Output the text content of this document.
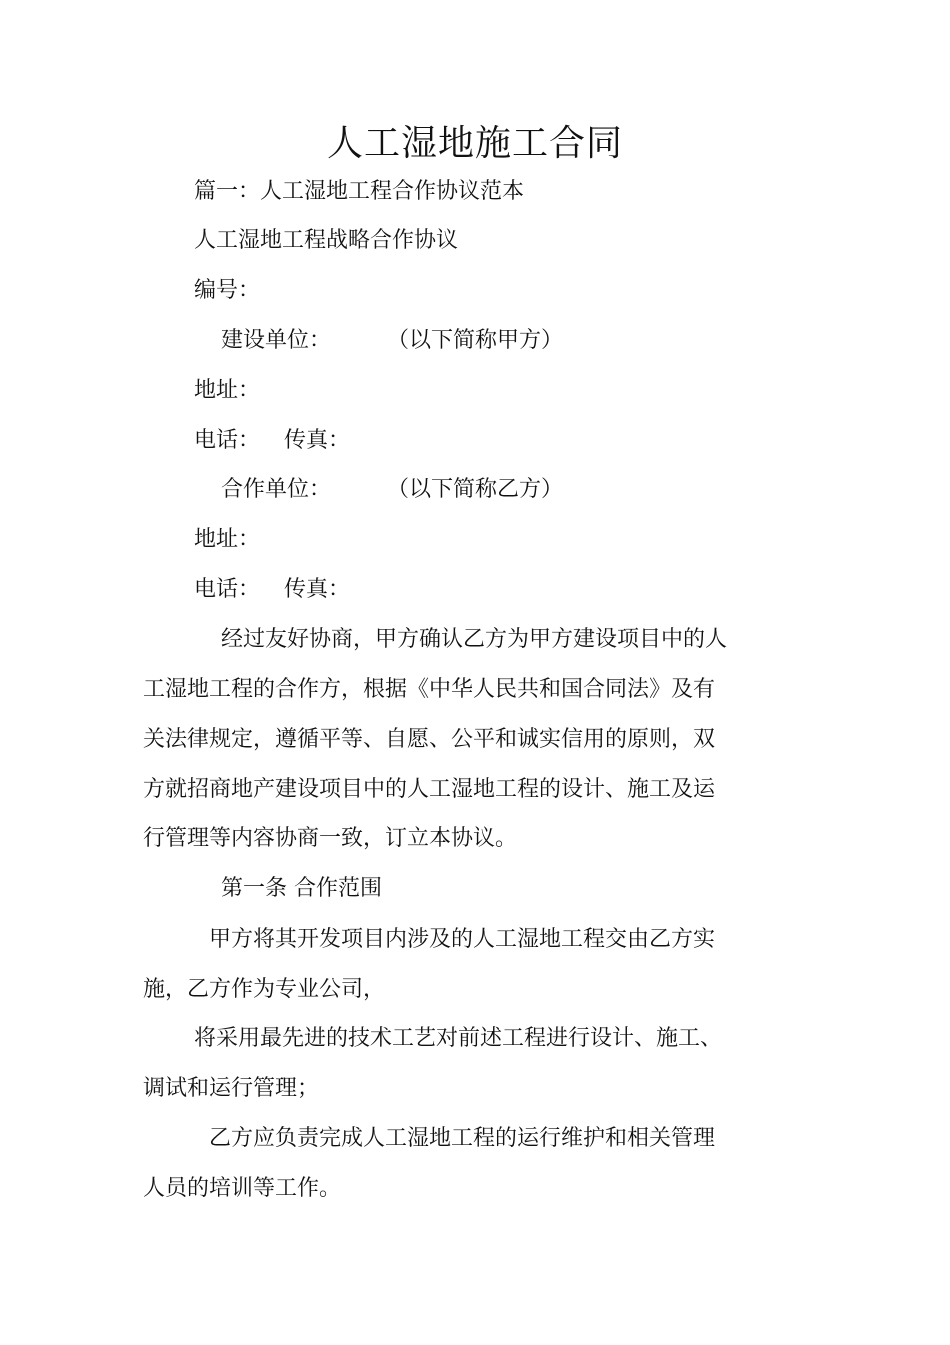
人工湿地施工合同
篇一：人工湿地工程合作协议范本
人工湿地工程战略合作协议
编号：
建设单位：	（以下简称甲方）
地址：
电话： 传真：
合作单位：	（以下简称乙方）
地址：
电话： 传真：
经过友好协商，甲方确认乙方为甲方建设项目中的人
工湿地工程的合作方，根据《中华人民共和国合同法》及有
关法律规定，遵循平等、自愿、公平和诚实信用的原则，双
方就招商地产建设项目中的人工湿地工程的设计、施工及运
行管理等内容协商一致，订立本协议。
第一条 合作范围
甲方将其开发项目内涉及的人工湿地工程交由乙方实
施，乙方作为专业公司，
将采用最先进的技术工艺对前述工程进行设计、施工、
调试和运行管理；
乙方应负责完成人工湿地工程的运行维护和相关管理
人员的培训等工作。
